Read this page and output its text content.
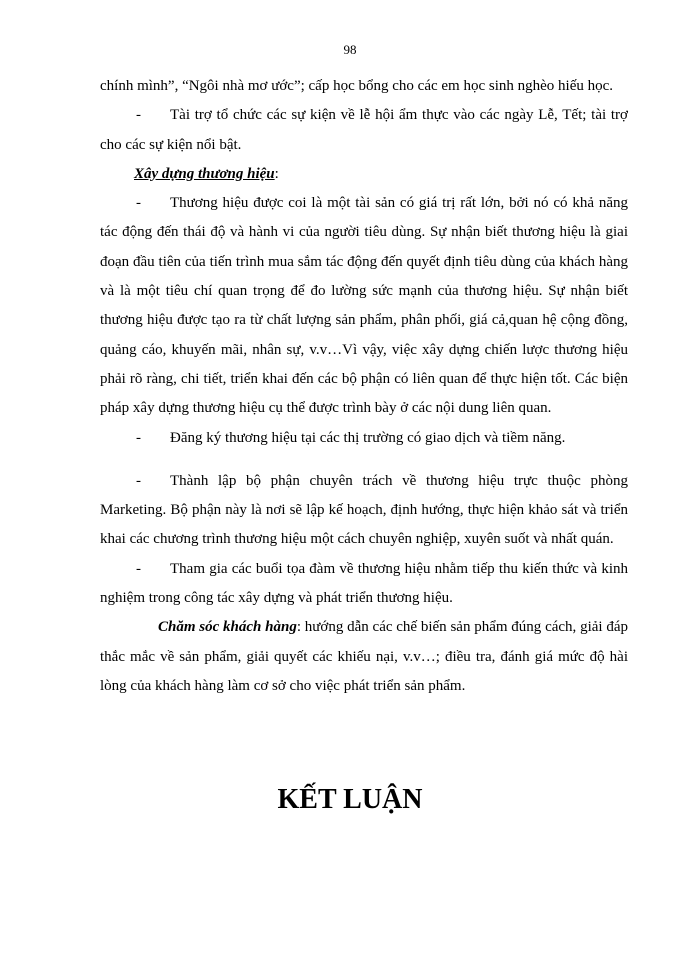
98

chính mình”, “Ngôi nhà mơ ước”; cấp học bổng cho các em học sinh nghèo hiếu học.

- Tài trợ tổ chức các sự kiện về lễ hội ẩm thực vào các ngày Lễ, Tết; tài trợ cho các sự kiện nổi bật.

Xây dựng thương hiệu:

- Thương hiệu được coi là một tài sản có giá trị rất lớn, bởi nó có khả năng tác động đến thái độ và hành vi của người tiêu dùng. Sự nhận biết thương hiệu là giai đoạn đầu tiên của tiến trình mua sắm tác động đến quyết định tiêu dùng của khách hàng và là một tiêu chí quan trọng để đo lường sức mạnh của thương hiệu. Sự nhận biết thương hiệu được tạo ra từ chất lượng sản phẩm, phân phối, giá cả,quan hệ cộng đồng, quảng cáo, khuyến mãi, nhân sự, v.v…Vì vậy, việc xây dựng chiến lược thương hiệu phải rõ ràng, chi tiết, triển khai đến các bộ phận có liên quan để thực hiện tốt. Các biện pháp xây dựng thương hiệu cụ thể được trình bày ở các nội dung liên quan.

- Đăng ký thương hiệu tại các thị trường có giao dịch và tiềm năng.

- Thành lập bộ phận chuyên trách về thương hiệu trực thuộc phòng Marketing. Bộ phận này là nơi sẽ lập kế hoạch, định hướng, thực hiện khảo sát và triển khai các chương trình thương hiệu một cách chuyên nghiệp, xuyên suốt và nhất quán.

- Tham gia các buổi tọa đàm về thương hiệu nhằm tiếp thu kiến thức và kinh nghiệm trong công tác xây dựng và phát triển thương hiệu.

Chăm sóc khách hàng: hướng dẫn các chế biến sản phẩm đúng cách, giải đáp thắc mắc về sản phẩm, giải quyết các khiếu nại, v.v…; điều tra, đánh giá mức độ hài lòng của khách hàng làm cơ sở cho việc phát triển sản phẩm.

KẾT LUẬN
